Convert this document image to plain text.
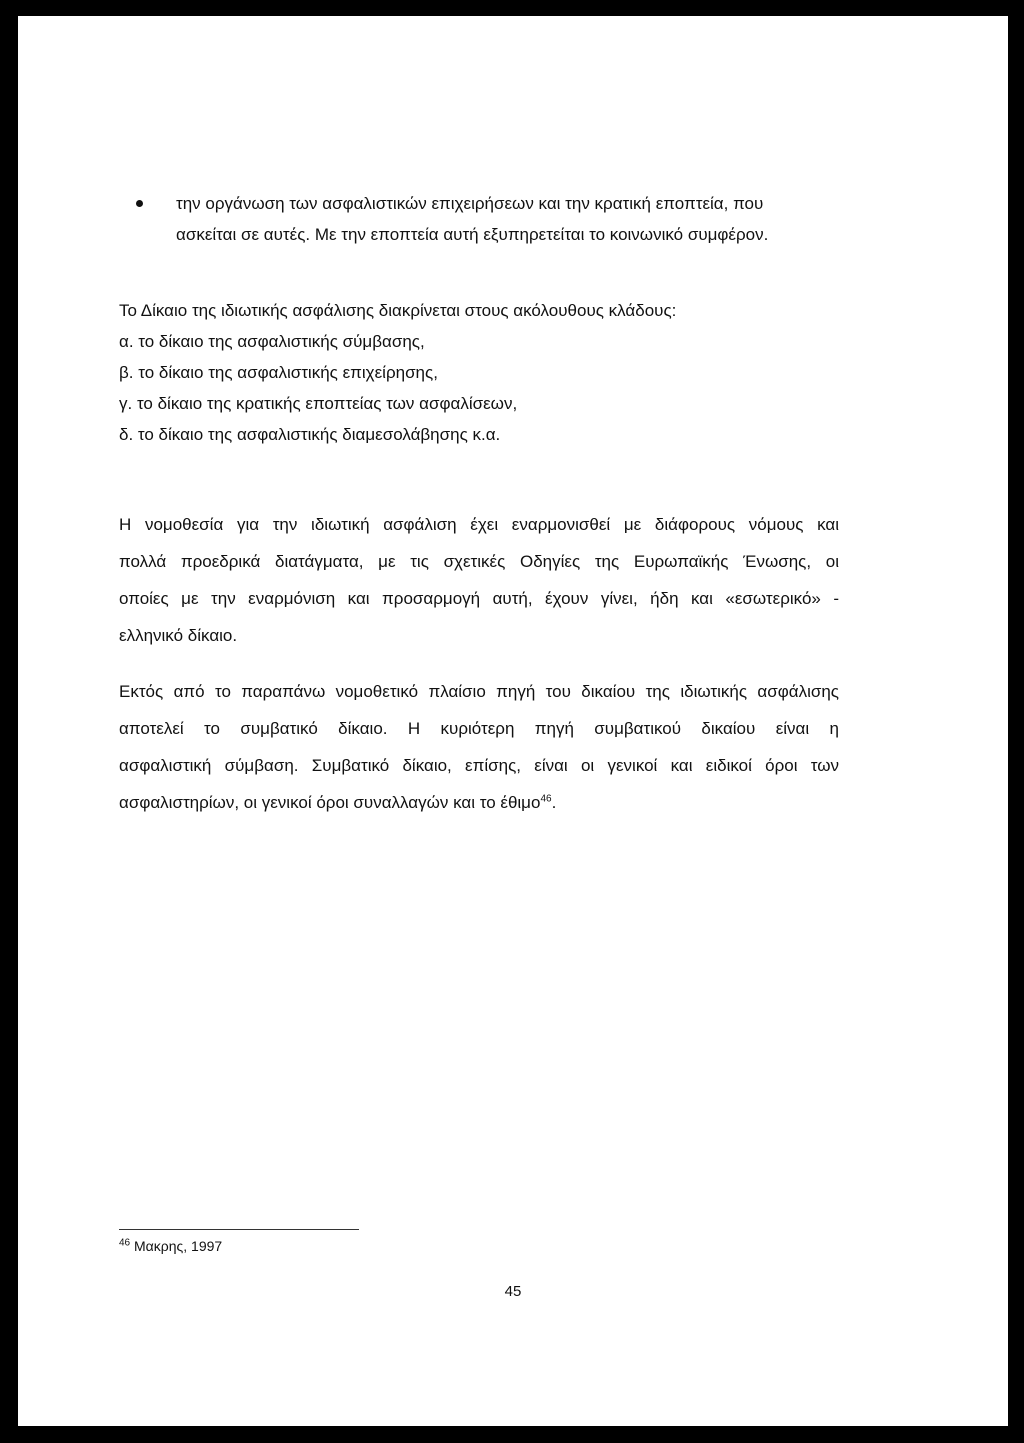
την οργάνωση των ασφαλιστικών επιχειρήσεων και την κρατική εποπτεία, που
ασκείται σε αυτές. Με την εποπτεία αυτή εξυπηρετείται το κοινωνικό συμφέρον.
Το Δίκαιο της ιδιωτικής ασφάλισης διακρίνεται στους ακόλουθους κλάδους:
α. το δίκαιο της ασφαλιστικής σύμβασης,
β. το δίκαιο της ασφαλιστικής επιχείρησης,
γ. το δίκαιο της κρατικής εποπτείας των ασφαλίσεων,
δ. το δίκαιο της ασφαλιστικής διαμεσολάβησης κ.α.
Η νομοθεσία για την ιδιωτική ασφάλιση έχει εναρμονισθεί με διάφορους νόμους και
πολλά προεδρικά διατάγματα, με τις σχετικές Οδηγίες της Ευρωπαϊκής Ένωσης, οι
οποίες με την εναρμόνιση και προσαρμογή αυτή, έχουν γίνει, ήδη και «εσωτερικό» -
ελληνικό δίκαιο.
Εκτός από το παραπάνω νομοθετικό πλαίσιο πηγή του δικαίου της ιδιωτικής ασφάλισης
αποτελεί το συμβατικό δίκαιο. Η κυριότερη πηγή συμβατικού δικαίου είναι η
ασφαλιστική σύμβαση. Συμβατικό δίκαιο, επίσης, είναι οι γενικοί και ειδικοί όροι των
ασφαλιστηρίων, οι γενικοί όροι συναλλαγών και το έθιμο$^{46}$.
$^{46}$ Μακρης, 1997
45
